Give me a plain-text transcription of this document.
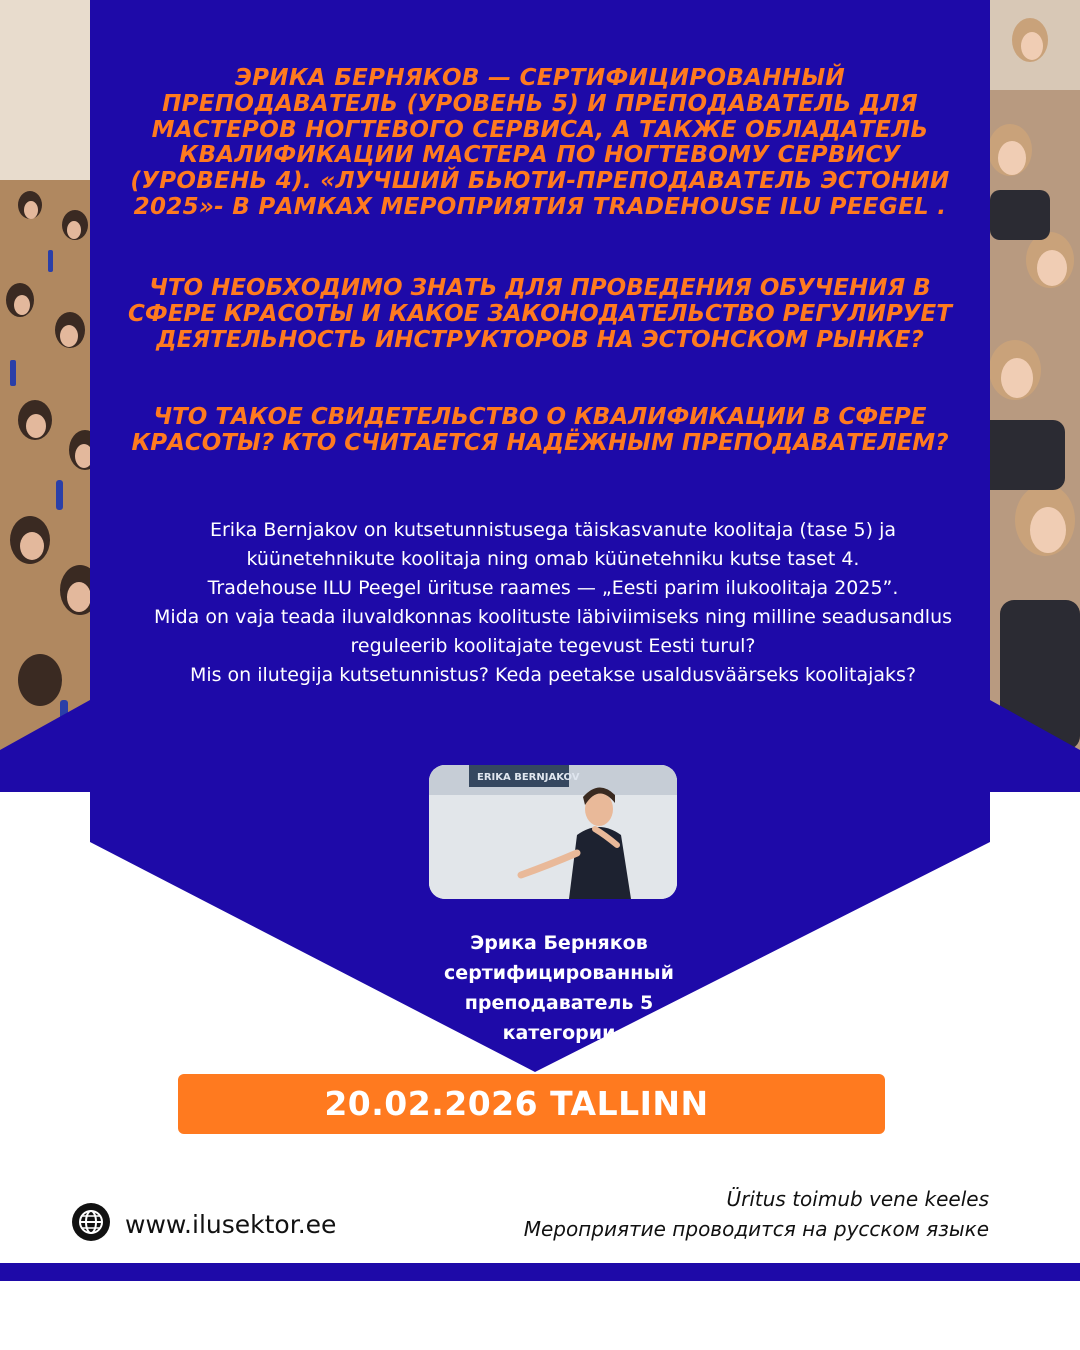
ЭРИКА БЕРНЯКОВ — СЕРТИФИЦИРОВАННЫЙ ПРЕПОДАВАТЕЛЬ (УРОВЕНЬ 5) И ПРЕПОДАВАТЕЛЬ ДЛЯ МАСТЕРОВ НОГТЕВОГО СЕРВИСА, А ТАКЖЕ ОБЛАДАТЕЛЬ КВАЛИФИКАЦИИ МАСТЕРА ПО НОГТЕВОМУ СЕРВИСУ (УРОВЕНЬ 4). «ЛУЧШИЙ БЬЮТИ-ПРЕПОДАВАТЕЛЬ ЭСТОНИИ 2025»- В РАМКАХ МЕРОПРИЯТИЯ TRADEHOUSE ILU PEEGEL .
ЧТО НЕОБХОДИМО ЗНАТЬ ДЛЯ ПРОВЕДЕНИЯ ОБУЧЕНИЯ В СФЕРЕ КРАСОТЫ И КАКОЕ ЗАКОНОДАТЕЛЬСТВО РЕГУЛИРУЕТ ДЕЯТЕЛЬНОСТЬ ИНСТРУКТОРОВ НА ЭСТОНСКОМ РЫНКЕ?
ЧТО ТАКОЕ СВИДЕТЕЛЬСТВО О КВАЛИФИКАЦИИ В СФЕРЕ КРАСОТЫ? КТО СЧИТАЕТСЯ НАДЁЖНЫМ ПРЕПОДАВАТЕЛЕМ?
Erika Bernjakov on kutsetunnistusega täiskasvanute koolitaja (tase 5) ja
küünetehnikute koolitaja ning omab küünetehniku kutse taset 4.
Tradehouse ILU Peegel ürituse raames — „Eesti parim ilukoolitaja 2025”.
Mida on vaja teada iluvaldkonnas koolituste läbiviimiseks ning milline seadusandlus
reguleerib koolitajate tegevust Eesti turul?
Mis on ilutegija kutsetunnistus? Keda peetakse usaldusväärseks koolitajaks?
ERIKA BERNJAKOV
Эрика Берняков
сертифицированный
преподаватель 5
категории
20.02.2026 TALLINN
www.ilusektor.ee
Üritus toimub vene keeles
Мероприятие проводится на русском языке
